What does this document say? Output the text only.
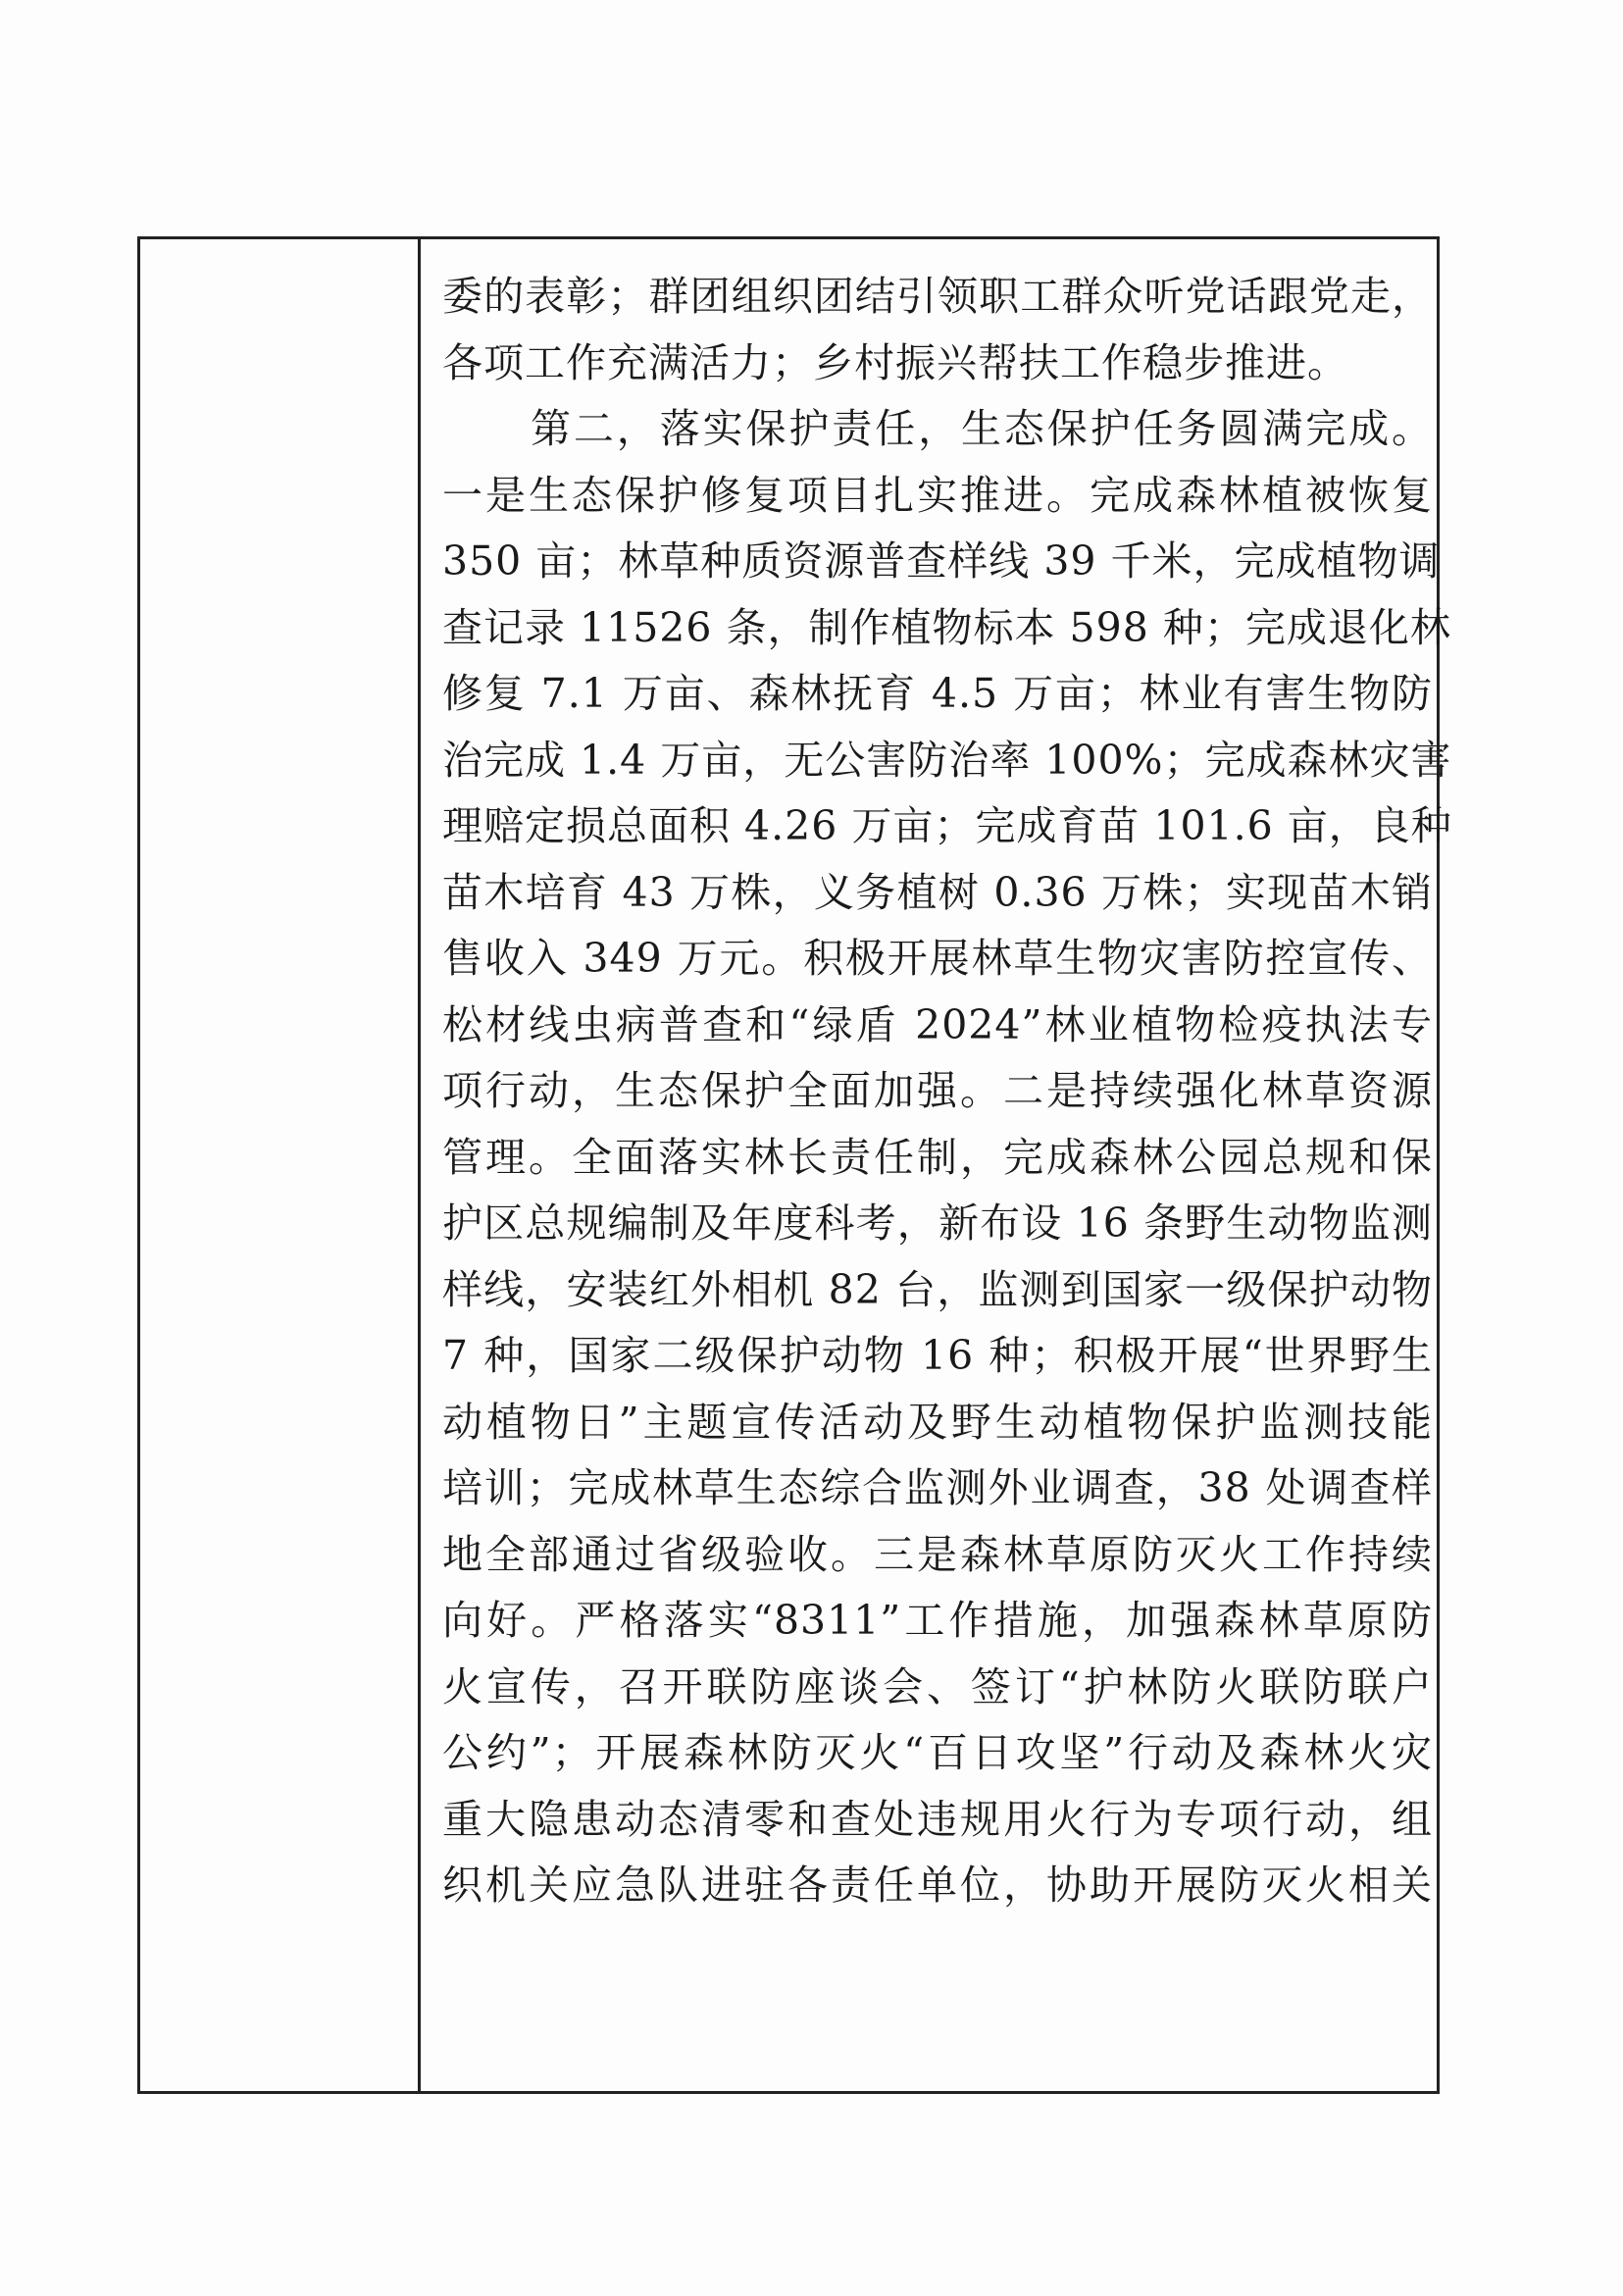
委的表彰；群团组织团结引领职工群众听党话跟党走，
各项工作充满活力；乡村振兴帮扶工作稳步推进。
第二，落实保护责任，生态保护任务圆满完成。
一是生态保护修复项目扎实推进。完成森林植被恢复
350 亩；林草种质资源普查样线 39 千米，完成植物调
查记录 11526 条，制作植物标本 598 种；完成退化林
修复 7.1 万亩、森林抚育 4.5 万亩；林业有害生物防
治完成 1.4 万亩，无公害防治率 100%；完成森林灾害
理赔定损总面积 4.26 万亩；完成育苗 101.6 亩，良种
苗木培育 43 万株，义务植树 0.36 万株；实现苗木销
售收入 349 万元。积极开展林草生物灾害防控宣传、
松材线虫病普查和“绿盾 2024”林业植物检疫执法专
项行动，生态保护全面加强。二是持续强化林草资源
管理。全面落实林长责任制，完成森林公园总规和保
护区总规编制及年度科考，新布设 16 条野生动物监测
样线，安装红外相机 82 台，监测到国家一级保护动物
7 种，国家二级保护动物 16 种；积极开展“世界野生
动植物日”主题宣传活动及野生动植物保护监测技能
培训；完成林草生态综合监测外业调查，38 处调查样
地全部通过省级验收。三是森林草原防灭火工作持续
向好。严格落实“8311”工作措施，加强森林草原防
火宣传，召开联防座谈会、签订“护林防火联防联户
公约”；开展森林防灭火“百日攻坚”行动及森林火灾
重大隐患动态清零和查处违规用火行为专项行动，组
织机关应急队进驻各责任单位，协助开展防灭火相关
